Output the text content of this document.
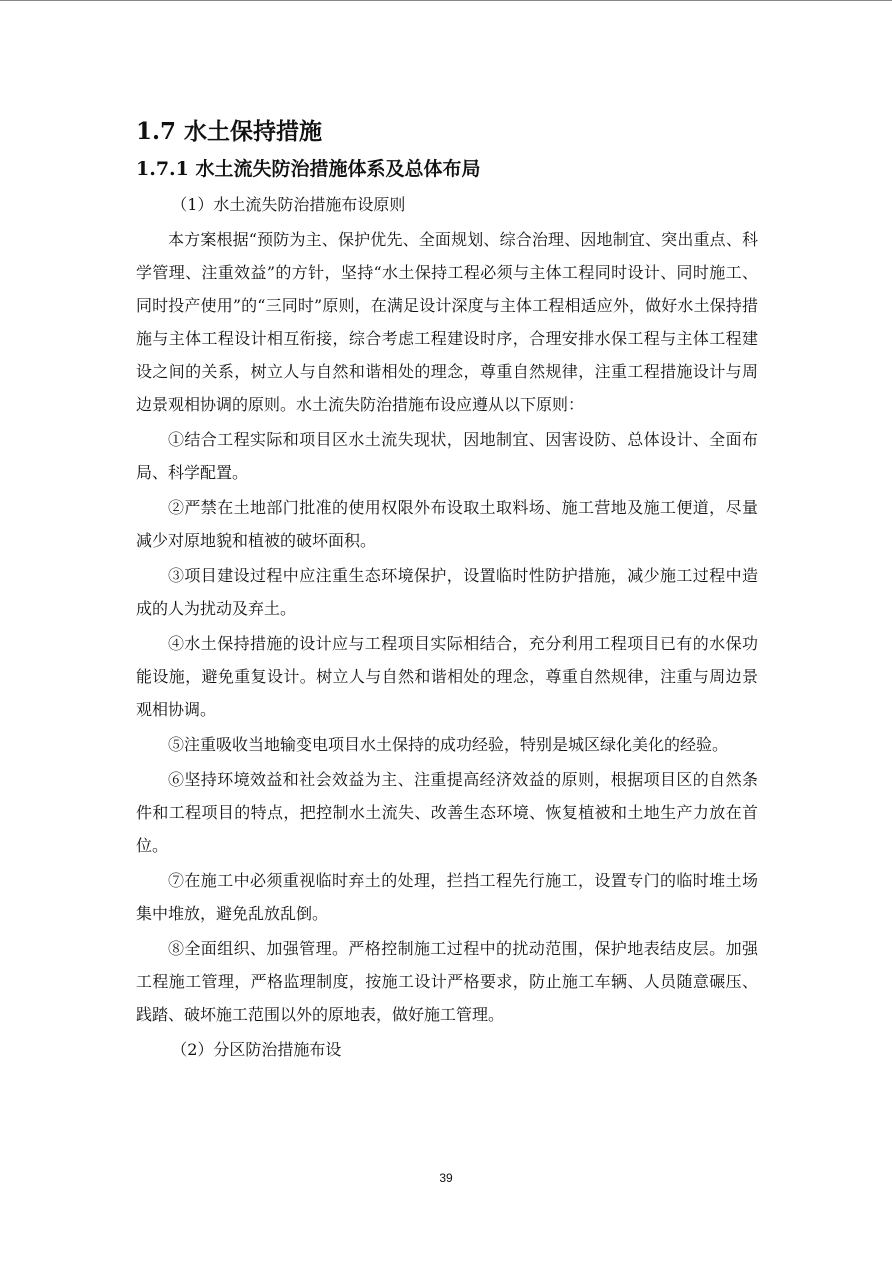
1.7 水土保持措施
1.7.1 水土流失防治措施体系及总体布局
（1）水土流失防治措施布设原则
本方案根据“预防为主、保护优先、全面规划、综合治理、因地制宜、突出重点、科学管理、注重效益”的方针，坚持“水土保持工程必须与主体工程同时设计、同时施工、同时投产使用”的“三同时”原则，在满足设计深度与主体工程相适应外，做好水土保持措施与主体工程设计相互衔接，综合考虑工程建设时序，合理安排水保工程与主体工程建设之间的关系，树立人与自然和谐相处的理念，尊重自然规律，注重工程措施设计与周边景观相协调的原则。水土流失防治措施布设应遵从以下原则：
①结合工程实际和项目区水土流失现状，因地制宜、因害设防、总体设计、全面布局、科学配置。
②严禁在土地部门批准的使用权限外布设取土取料场、施工营地及施工便道，尽量减少对原地貌和植被的破坏面积。
③项目建设过程中应注重生态环境保护，设置临时性防护措施，减少施工过程中造成的人为扰动及弃土。
④水土保持措施的设计应与工程项目实际相结合，充分利用工程项目已有的水保功能设施，避免重复设计。树立人与自然和谐相处的理念，尊重自然规律，注重与周边景观相协调。
⑤注重吸收当地输变电项目水土保持的成功经验，特别是城区绿化美化的经验。
⑥坚持环境效益和社会效益为主、注重提高经济效益的原则，根据项目区的自然条件和工程项目的特点，把控制水土流失、改善生态环境、恢复植被和土地生产力放在首位。
⑦在施工中必须重视临时弃土的处理，拦挡工程先行施工，设置专门的临时堆土场集中堆放，避免乱放乱倒。
⑧全面组织、加强管理。严格控制施工过程中的扰动范围，保护地表结皮层。加强工程施工管理，严格监理制度，按施工设计严格要求，防止施工车辆、人员随意碾压、践踏、破坏施工范围以外的原地表，做好施工管理。
（2）分区防治措施布设
39
